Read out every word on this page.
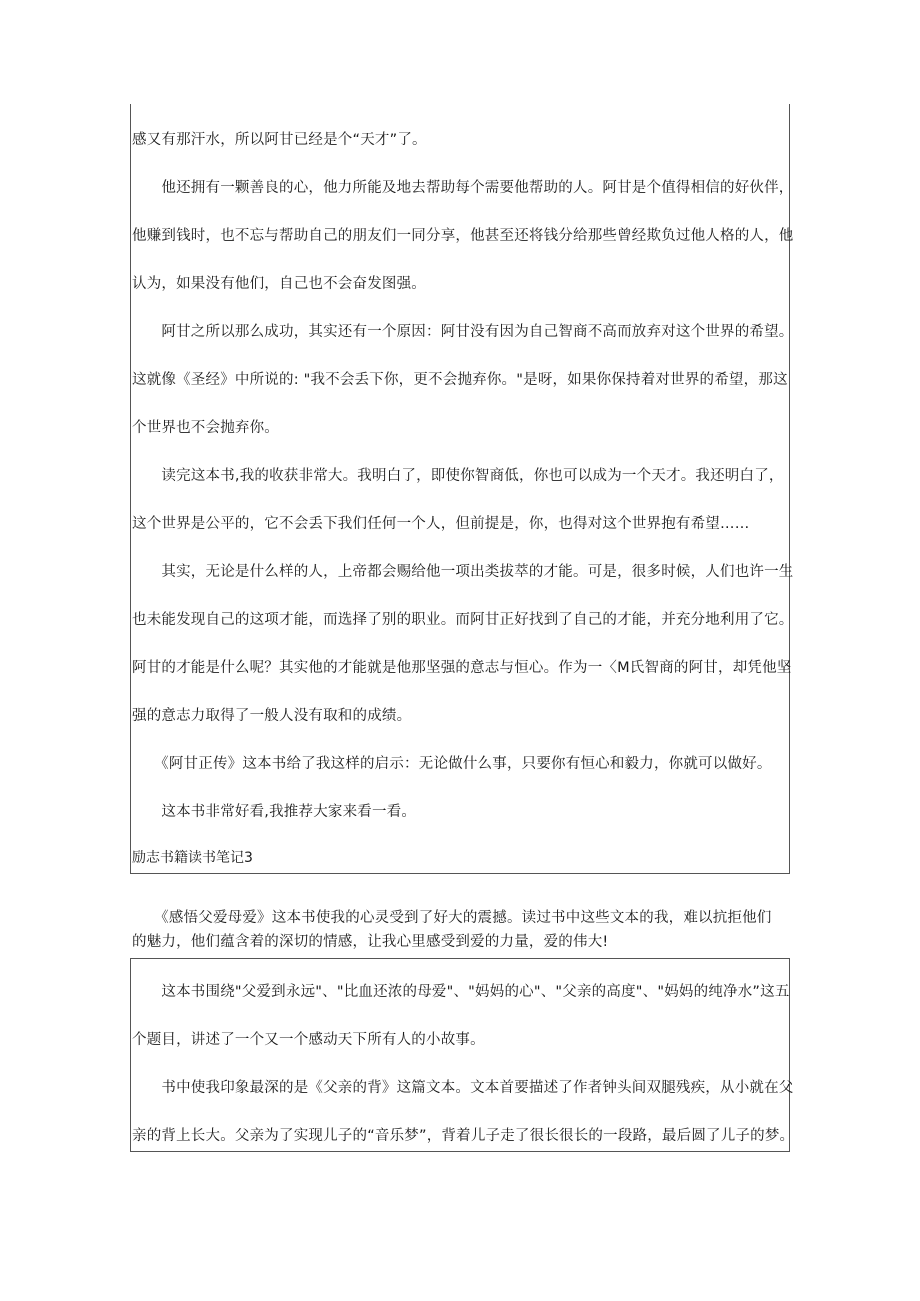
感又有那汗水，所以阿甘已经是个“天才”了。
　　他还拥有一颗善良的心，他力所能及地去帮助每个需要他帮助的人。阿甘是个值得相信的好伙伴，
他赚到钱时，也不忘与帮助自己的朋友们一同分享，他甚至还将钱分给那些曾经欺负过他人格的人，他
认为，如果没有他们，自己也不会奋发图强。
　　阿甘之所以那么成功，其实还有一个原因：阿甘没有因为自己智商不高而放弃对这个世界的希望。
这就像《圣经》中所说的: "我不会丢下你，更不会抛弃你。"是呀，如果你保持着对世界的希望，那这
个世界也不会抛弃你。
　　读完这本书,我的收获非常大。我明白了，即使你智商低，你也可以成为一个天才。我还明白了，
这个世界是公平的，它不会丢下我们任何一个人，但前提是，你，也得对这个世界抱有希望……
　　其实，无论是什么样的人，上帝都会赐给他一项出类拔萃的才能。可是，很多时候，人们也许一生
也未能发现自己的这项才能，而选择了别的职业。而阿甘正好找到了自己的才能，并充分地利用了它。
阿甘的才能是什么呢？其实他的才能就是他那坚强的意志与恒心。作为一〈M氏智商的阿甘，却凭他坚
强的意志力取得了一般人没有取和的成绩。
　　《阿甘正传》这本书给了我这样的启示：无论做什么事，只要你有恒心和毅力，你就可以做好。
　　这本书非常好看,我推荐大家来看一看。
励志书籍读书笔记3
　　《感悟父爱母爱》这本书使我的心灵受到了好大的震撼。读过书中这些文本的我，难以抗拒他们
的魅力，他们蕴含着的深切的情感，让我心里感受到爱的力量，爱的伟大!
　　这本书围绕"父爱到永远"、"比血还浓的母爱"、"妈妈的心"、"父亲的高度"、"妈妈的纯净水”这五
个题目，讲述了一个又一个感动天下所有人的小故事。
　　书中使我印象最深的是《父亲的背》这篇文本。文本首要描述了作者钟头间双腿残疾，从小就在父
亲的背上长大。父亲为了实现儿子的“音乐梦”，背着儿子走了很长很长的一段路，最后圆了儿子的梦。
